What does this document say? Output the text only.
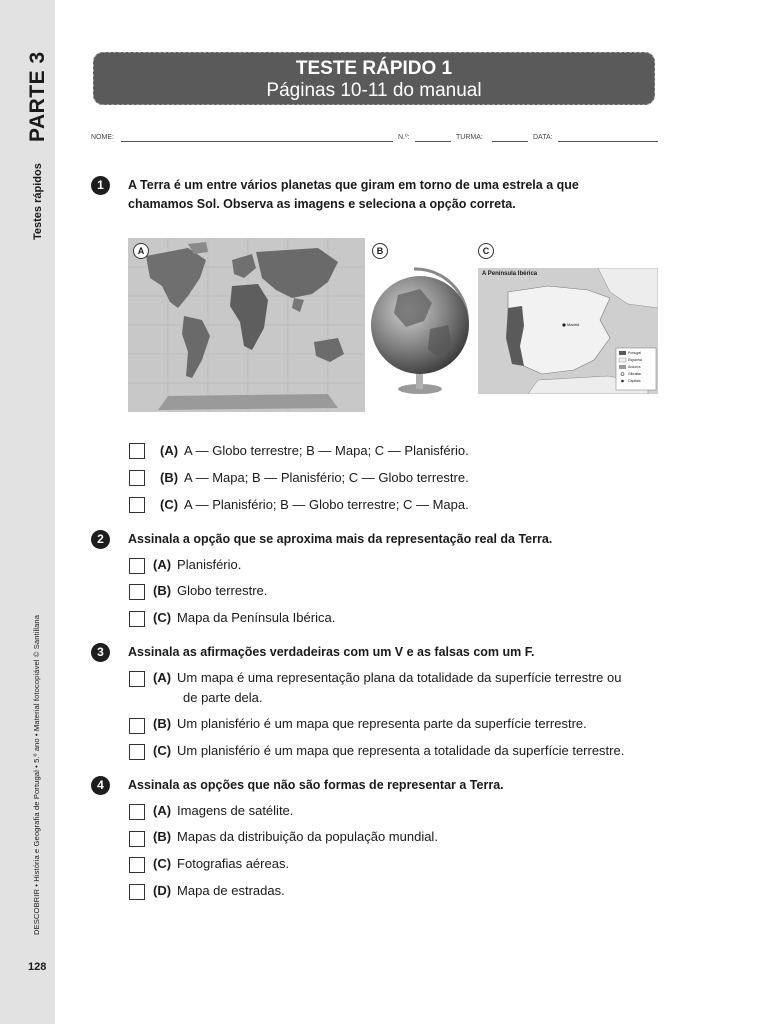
PARTE 3
Testes rápidos
DESCOBRIR • História e Geografia de Portugal • 5.º ano • Material fotocopiável © Santillana
128
TESTE RÁPIDO 1
Páginas 10-11 do manual
NOME:	N.º:	TURMA:	DATA:
1	A Terra é um entre vários planetas que giram em torno de uma estrela a que
chamamos Sol. Observa as imagens e seleciona a opção correta.
A	B
A Península Ibérica
Madrid
Portugal
Espanha
Andorra
Gibraltar
Capitais
C
(A) A — Globo terrestre; B — Mapa; C — Planisfério.
(B) A — Mapa; B — Planisfério; C — Globo terrestre.
(C) A — Planisfério; B — Globo terrestre; C — Mapa.
2	Assinala a opção que se aproxima mais da representação real da Terra.
(A) Planisfério.
(B) Globo terrestre.
(C) Mapa da Península Ibérica.
3	Assinala as afirmações verdadeiras com um V e as falsas com um F.
(A) Um mapa é uma representação plana da totalidade da superfície terrestre ou
de parte dela.
(B) Um planisfério é um mapa que representa parte da superfície terrestre.
(C) Um planisfério é um mapa que representa a totalidade da superfície terrestre.
4	Assinala as opções que não são formas de representar a Terra.
(A) Imagens de satélite.
(B) Mapas da distribuição da população mundial.
(C) Fotografias aéreas.
(D) Mapa de estradas.
